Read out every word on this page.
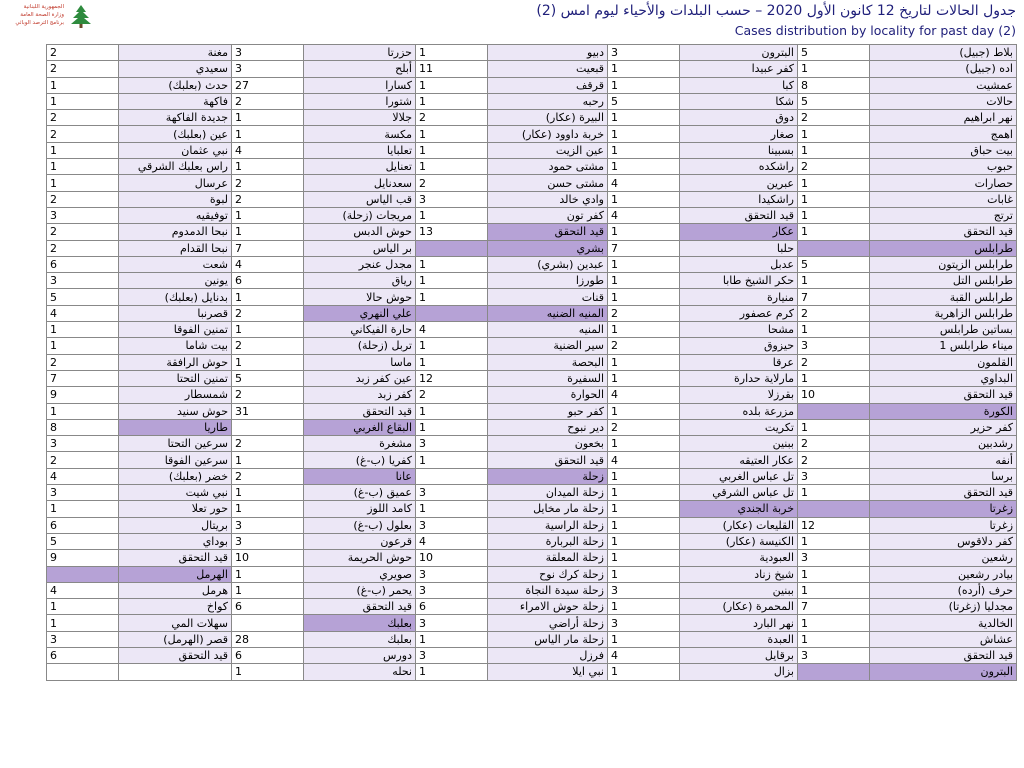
الجمهورية اللبنانية
وزارة الصحة العامة
برنامج الترصد الوبائي
جدول الحالات لتاريخ 12 كانون الأول 2020 – حسب البلدات والأحياء ليوم امس (2)
Cases distribution by locality for past day (2)
2	مغنة	3	حزرتا	1	دبيو	3	البترون	5	بلاط (جبيل)
2	سعيدي	3	أبلح	11	قبعيت	1	كفر عبيدا	1	اده (جبيل)
1	حدث (بعلبك)	27	كسارا	1	قرقف	1	كبا	8	عمشيت
1	فاكهة	2	شتورا	1	رحبه	5	شكا	5	حالات
2	جديدة الفاكهة	1	جلالا	2	البيرة (عكار)	1	دوق	2	نهر ابراهيم
2	عين (بعلبك)	1	مكسة	1	خربة داوود (عكار)	1	صغار	1	اهمج
1	نبي عثمان	4	تعلبايا	1	عين الزيت	1	بسبينا	1	بيت حباق
1	راس بعلبك الشرقي	1	تعنايل	1	مشتى حمود	1	راشكده	2	حبوب
1	عرسال	2	سعدنايل	2	مشتى حسن	4	عبرين	1	حصارات
2	لبوة	2	قب الياس	3	وادي خالد	1	راشكيدا	1	غابات
3	توفيقيه	1	مريجات (زحلة)	1	كفر تون	4	قيد التحقق	1	ترتج
2	نبحا الدمدوم	1	حوش الدبس	13	قيد التحقق	1	عكار	1	قيد التحقق
2	نبحا القدام	7	بر الياس		بشري	7	حلبا		طرابلس
6	شعت	4	مجدل عنجر	1	عبدين (بشري)	1	عدبل	5	طرابلس الزيتون
3	يونين	6	رياق	1	طورزا	1	حكر الشيخ طابا	1	طرابلس التل
5	بدنايل (بعلبك)	1	حوش حالا	1	قنات	1	منيارة	7	طرابلس القبة
4	قصرنبا	2	علي النهري		المنيه الضنيه	2	كرم عصفور	2	طرابلس الزاهرية
1	تمنين الفوقا	1	حارة الفيكاني	4	المنيه	1	مشحا	1	بساتين طرابلس
1	بيت شاما	2	تربل (زحلة)	1	سير الضنية	2	حيزوق	3	ميناء طرابلس 1
2	حوش الرافقة	1	ماسا	1	البحصة	1	عرقا	2	القلمون
7	تمنين التحتا	5	عين كفر زبد	12	السفيرة	1	مارلاية حدارة	1	البداوي
9	شمسطار	2	كفر زبد	2	الحوارة	4	بقرزلا	10	قيد التحقق
1	حوش سنيد	31	قيد التحقق	1	كفر حبو	1	مزرعة بلده		الكورة
8	طاريا		البقاع الغربي	1	دير نبوح	2	تكريت	1	كفر حزير
3	سرعين التحتا	2	مشغرة	3	بخعون	1	ببنين	2	رشدبين
2	سرعين الفوقا	1	كفريا (ب-غ)	1	قيد التحقق	4	عكار العتيقه	2	أنفه
4	خضر (بعلبك)	2	عانا		زحلة	1	تل عباس الغربي	3	برسا
3	نبي شيت	1	عميق (ب-غ)	3	زحلة الميدان	1	تل عباس الشرقي	1	قيد التحقق
1	حور تعلا	1	كامد اللوز	1	زحلة مار مخايل	1	خربة الجندي		زغرتا
6	بريتال	3	بعلول (ب-غ)	3	زحلة الراسية	1	القليعات (عكار)	12	زغرتا
5	بوداي	3	قرعون	4	زحلة البربارة	1	الكنيسة (عكار)	1	كفر دلاقوس
9	قيد التحقق	10	حوش الحريمة	10	زحلة المعلقة	1	العبودية	3	رشعين
	الهرمل	1	صويري	3	زحلة كرك نوح	1	شيخ زناد	1	بيادر رشعين
4	هرمل	1	يحمر (ب-غ)	3	زحلة سيدة النجاة	3	ببنين	1	حرف (أرده)
1	كواخ	6	قيد التحقق	6	زحلة حوش الامراء	1	المحمرة (عكار)	7	مجدليا (زغرتا)
1	سهلات المي		بعلبك	3	زحلة أراضي	3	نهر البارد	1	الخالدية
3	قصر (الهرمل)	28	بعلبك	1	زحلة مار الياس	1	العبدة	1	عشاش
6	قيد التحقق	6	دورس	3	فرزل	4	برقايل	3	قيد التحقق
		1	نحله	1	نبي ايلا	1	بزال		البترون
